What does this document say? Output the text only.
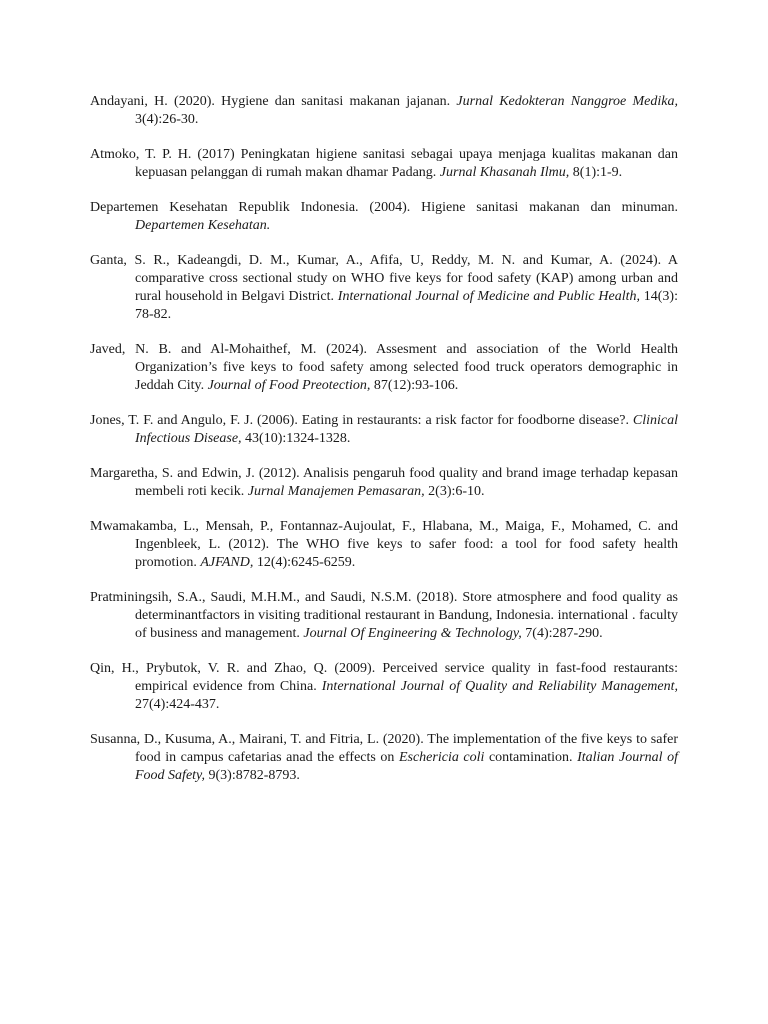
Andayani, H. (2020). Hygiene dan sanitasi makanan jajanan. Jurnal Kedokteran Nanggroe Medika, 3(4):26-30.

Atmoko, T. P. H. (2017) Peningkatan higiene sanitasi sebagai upaya menjaga kualitas makanan dan kepuasan pelanggan di rumah makan dhamar Padang. Jurnal Khasanah Ilmu, 8(1):1-9.

Departemen Kesehatan Republik Indonesia. (2004). Higiene sanitasi makanan dan minuman. Departemen Kesehatan.

Ganta, S. R., Kadeangdi, D. M., Kumar, A., Afifa, U, Reddy, M. N. and Kumar, A. (2024). A comparative cross sectional study on WHO five keys for food safety (KAP) among urban and rural household in Belgavi District. International Journal of Medicine and Public Health, 14(3): 78-82.

Javed, N. B. and Al-Mohaithef, M. (2024). Assesment and association of the World Health Organization’s five keys to food safety among selected food truck operators demographic in Jeddah City. Journal of Food Preotection, 87(12):93-106.

Jones, T. F. and Angulo, F. J. (2006). Eating in restaurants: a risk factor for foodborne disease?. Clinical Infectious Disease, 43(10):1324-1328.

Margaretha, S. and Edwin, J. (2012). Analisis pengaruh food quality and brand image terhadap kepasan membeli roti kecik. Jurnal Manajemen Pemasaran, 2(3):6-10.

Mwamakamba, L., Mensah, P., Fontannaz-Aujoulat, F., Hlabana, M., Maiga, F., Mohamed, C. and Ingenbleek, L. (2012). The WHO five keys to safer food: a tool for food safety health promotion. AJFAND, 12(4):6245-6259.

Pratminingsih, S.A., Saudi, M.H.M., and Saudi, N.S.M. (2018). Store atmosphere and food quality as determinantfactors in visiting traditional restaurant in Bandung, Indonesia. international . faculty of business and management. Journal Of Engineering & Technology, 7(4):287-290.

Qin, H., Prybutok, V. R. and Zhao, Q. (2009). Perceived service quality in fast-food restaurants: empirical evidence from China. International Journal of Quality and Reliability Management, 27(4):424-437.

Susanna, D., Kusuma, A., Mairani, T. and Fitria, L. (2020). The implementation of the five keys to safer food in campus cafetarias anad the effects on Eschericia coli contamination. Italian Journal of Food Safety, 9(3):8782-8793.
